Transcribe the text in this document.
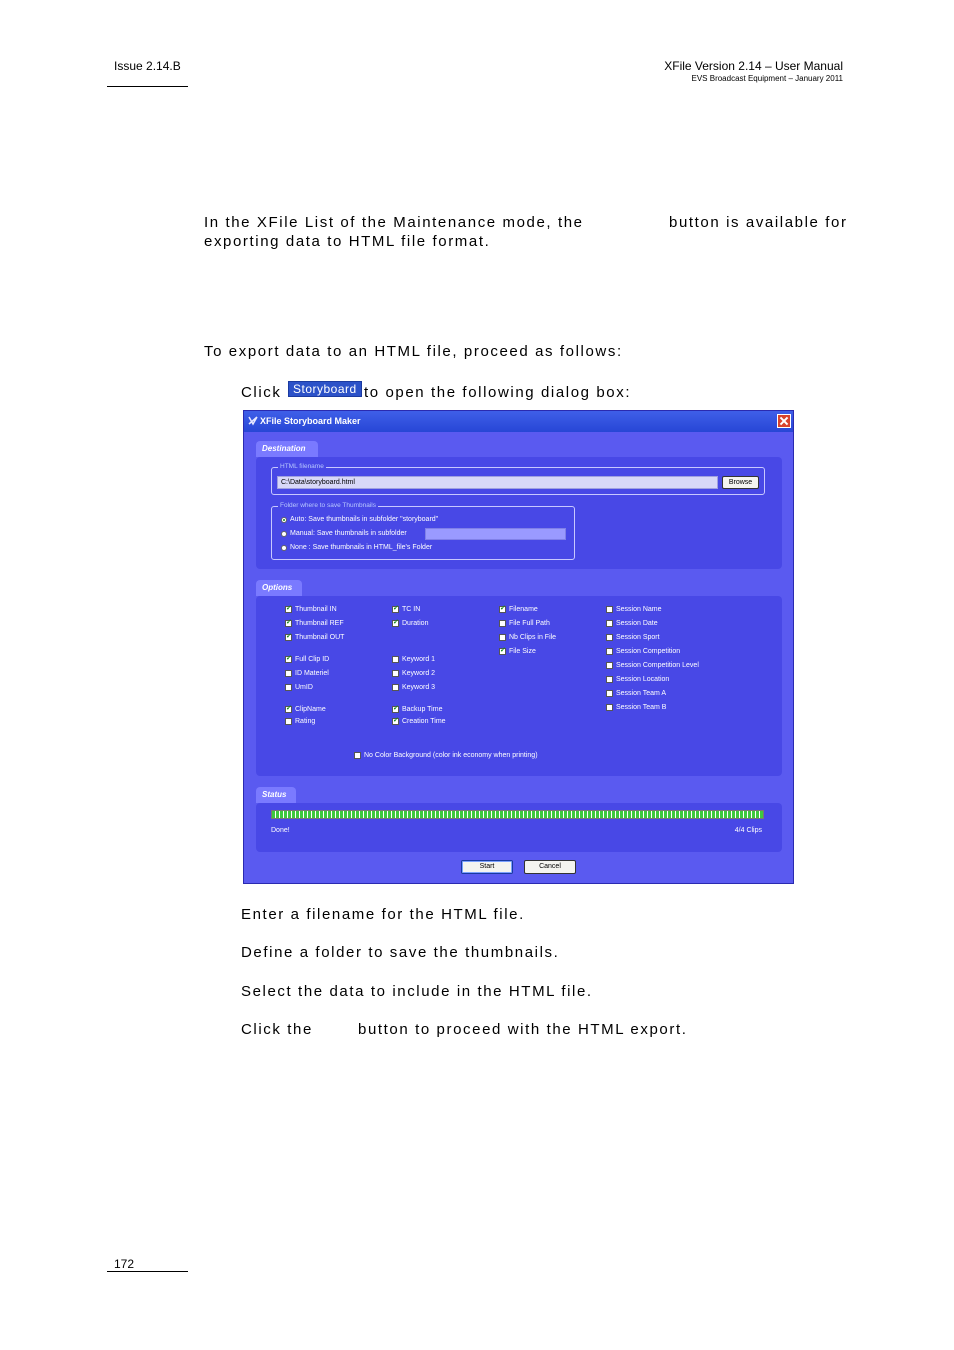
Issue 2.14.B	XFile Version 2.14 – User Manual
EVS Broadcast Equipment – January 2011
In the XFile List of the Maintenance mode, the	button is available for
exporting data to HTML file format.
To export data to an HTML file, proceed as follows:
Click Storyboard to open the following dialog box:
XFile Storyboard Maker
Destination
HTML filename
C:\Data\storyboard.html	Browse
Folder where to save Thumbnails
Auto: Save thumbnails in subfolder "storyboard"
Manual: Save thumbnails in subfolder
None : Save thumbnails in HTML_file's Folder
Options
✓
Thumbnail IN
✓
Thumbnail REF
✓
Thumbnail OUT
✓
Full Clip ID
ID Materiel
UmID
✓
ClipName
Rating
✓
TC IN
✓
Duration
Keyword 1
Keyword 2
Keyword 3
✓
Backup Time
✓
Creation Time
✓
Filename
File Full Path
Nb Clips in File
✓
File Size
Session Name
Session Date
Session Sport
Session Competition
Session Competition Level
Session Location
Session Team A
Session Team B
No Color Background (color ink economy when printing)
Status
Done!	4/4 Clips
Start	Cancel
Enter a filename for the HTML file.
Define a folder to save the thumbnails.
Select the data to include in the HTML file.
Click the	button to proceed with the HTML export.
172
